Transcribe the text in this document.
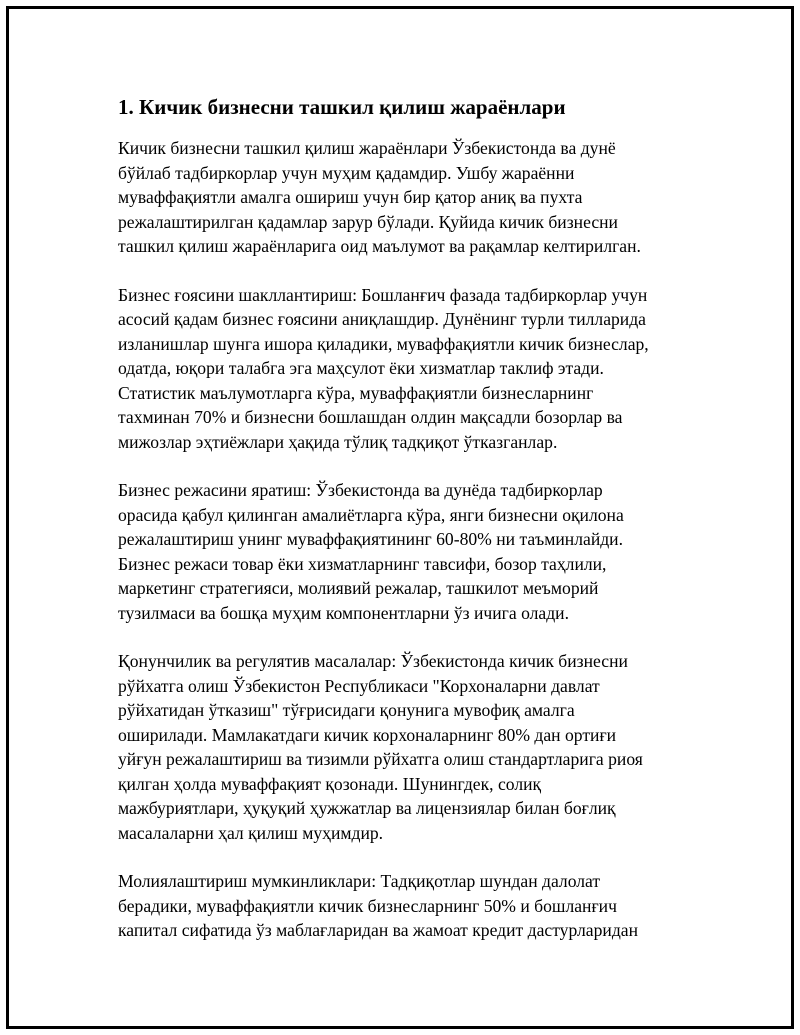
1. Кичик бизнесни ташкил қилиш жараёнлари

Кичик бизнесни ташкил қилиш жараёнлари Ўзбекистонда ва дунё
бўйлаб тадбиркорлар учун муҳим қадамдир. Ушбу жараённи
муваффақиятли амалга ошириш учун бир қатор аниқ ва пухта
режалаштирилган қадамлар зарур бўлади. Қуйида кичик бизнесни
ташкил қилиш жараёнларига оид маълумот ва рақамлар келтирилган.

Бизнес ғоясини шакллантириш: Бошланғич фазада тадбиркорлар учун
асосий қадам бизнес ғоясини аниқлашдир. Дунёнинг турли тилларида
изланишлар шунга ишора қиладики, муваффақиятли кичик бизнеслар,
одатда, юқори талабга эга маҳсулот ёки хизматлар таклиф этади.
Статистик маълумотларга кўра, муваффақиятли бизнесларнинг
тахминан 70% и бизнесни бошлашдан олдин мақсадли бозорлар ва
мижозлар эҳтиёжлари ҳақида тўлиқ тадқиқот ўтказганлар.

Бизнес режасини яратиш: Ўзбекистонда ва дунёда тадбиркорлар
орасида қабул қилинган амалиётларга кўра, янги бизнесни оқилона
режалаштириш унинг муваффақиятининг 60-80% ни таъминлайди.
Бизнес режаси товар ёки хизматларнинг тавсифи, бозор таҳлили,
маркетинг стратегияси, молиявий режалар, ташкилот меъморий
тузилмаси ва бошқа муҳим компонентларни ўз ичига олади.

Қонунчилик ва регулятив масалалар: Ўзбекистонда кичик бизнесни
рўйхатга олиш Ўзбекистон Республикаси "Корхоналарни давлат
рўйхатидан ўтказиш" тўғрисидаги қонунига мувофиқ амалга
оширилади. Мамлакатдаги кичик корхоналарнинг 80% дан ортиғи
уйғун режалаштириш ва тизимли рўйхатга олиш стандартларига риоя
қилган ҳолда муваффақият қозонади. Шунингдек, солиқ
мажбуриятлари, ҳуқуқий ҳужжатлар ва лицензиялар билан боғлиқ
масалаларни ҳал қилиш муҳимдир.

Молиялаштириш мумкинликлари: Тадқиқотлар шундан далолат
берадики, муваффақиятли кичик бизнесларнинг 50% и бошланғич
капитал сифатида ўз маблағларидан ва жамоат кредит дастурларидан
